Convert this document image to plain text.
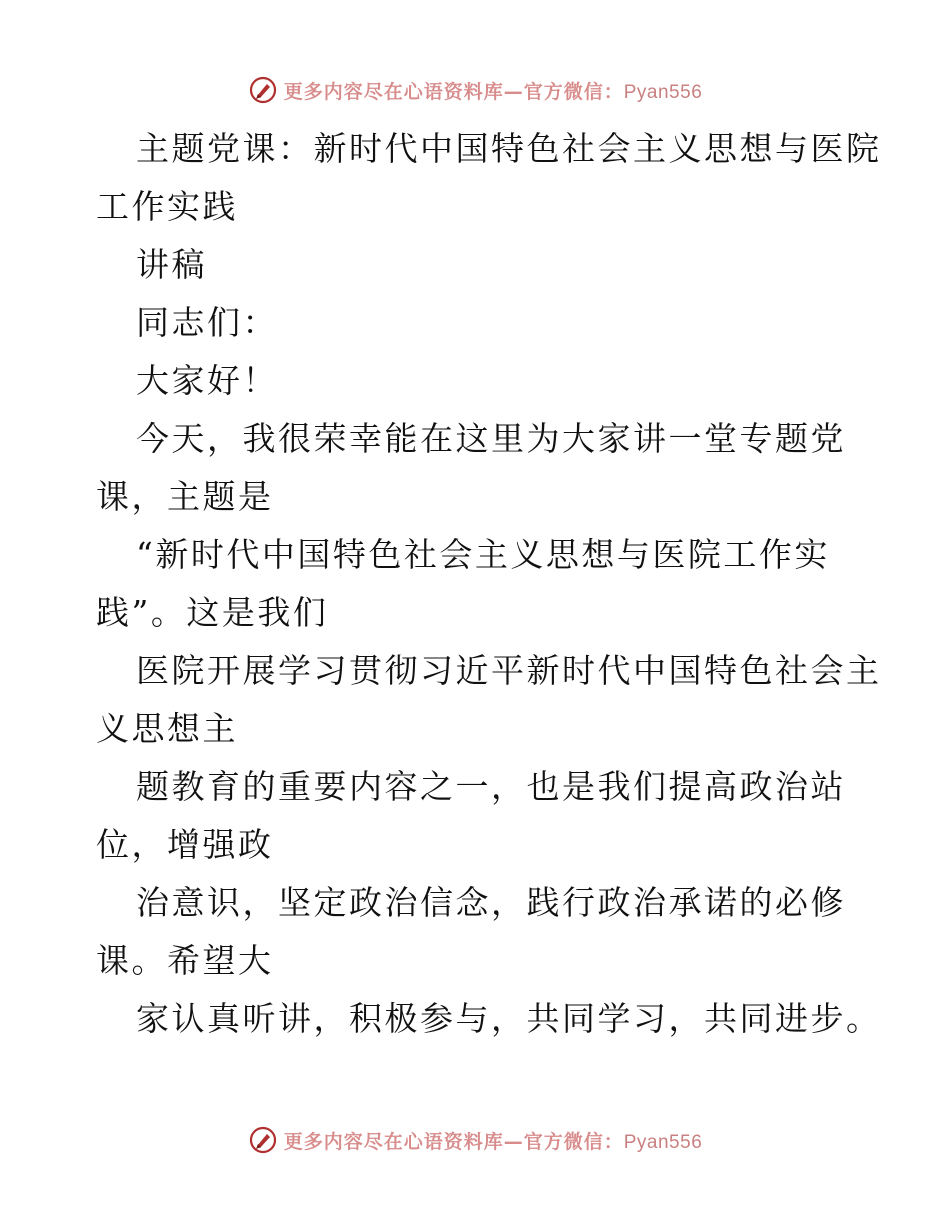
更多内容尽在心语资料库—官方微信：Pyan556
主题党课：新时代中国特色社会主义思想与医院
工作实践
讲稿
同志们：
大家好！
今天，我很荣幸能在这里为大家讲一堂专题党
课，主题是
“新时代中国特色社会主义思想与医院工作实
践”。这是我们
医院开展学习贯彻习近平新时代中国特色社会主
义思想主
题教育的重要内容之一，也是我们提高政治站
位，增强政
治意识，坚定政治信念，践行政治承诺的必修
课。希望大
家认真听讲，积极参与，共同学习，共同进步。
更多内容尽在心语资料库—官方微信：Pyan556
